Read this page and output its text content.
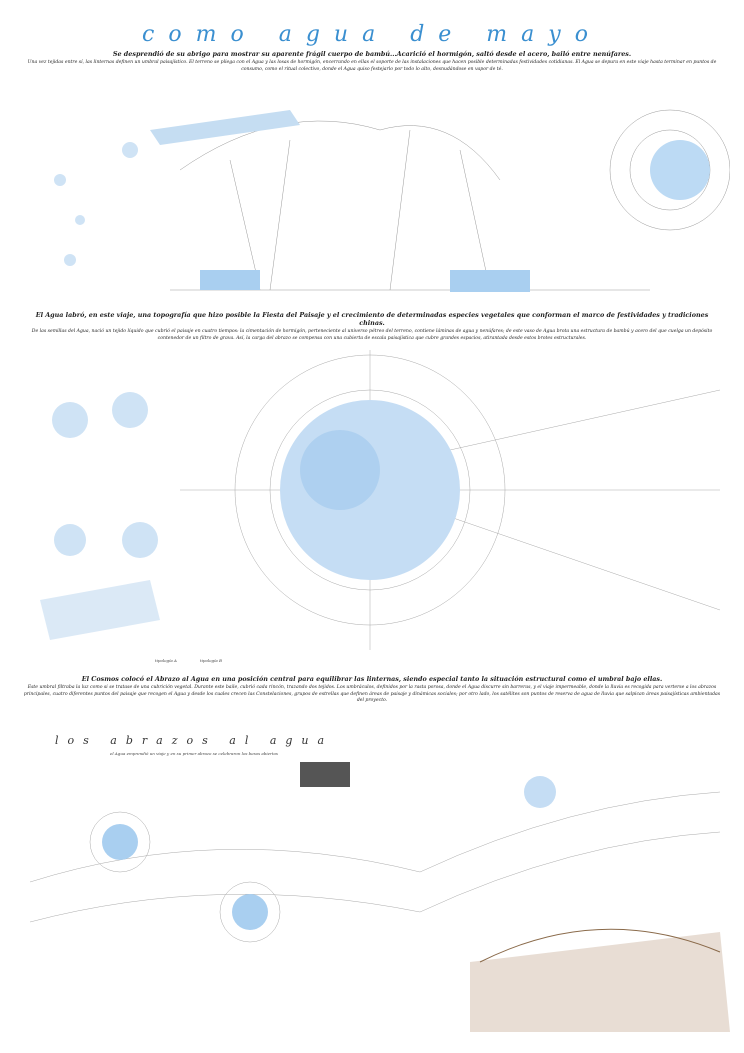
como agua de mayo

Se desprendió de su abrigo para mostrar su aparente frágil cuerpo de bambú...Acarició el hormigón, saltó desde el acero, bailó entre nenúfares.

Una vez tejidas entre sí, las linternas definen un umbral paisajístico. El terreno se pliega con el Agua y las losas de hormigón, encerrando en ellas el soporte de las instalaciones que hacen posible determinadas festividades cotidianas. El Agua se depura en este viaje hasta terminar en puntos de consumo, como el ritual colectivo, donde el Agua quiso festejarlo por todo lo alto, desnudándose en vapor de té.

El Agua labró, en este viaje, una topografía que hizo posible la Fiesta del Paisaje y el crecimiento de determinadas especies vegetales que conforman el marco de festividades y tradiciones chinas.

De las semillas del Agua, nació un tejido líquido que cubrió el paisaje en cuatro tiempos: la cimentación de hormigón, perteneciente al universo pétreo del terreno, contiene láminas de agua y nenúfares; de este vaso de Agua brota una estructura de bambú y acero del que cuelga un depósito contenedor de un filtro de grava. Así, la carga del abrazo se compensa con una cubierta de escala paisajística que cubre grandes espacios, atirantada desde estos brotes estructurales.

tipología A	tipología B

El Cosmos colocó el Abrazo al Agua en una posición central para equilibrar las linternas, siendo especial tanto la situación estructural como el umbral bajo ellas.

Este umbral filtraba la luz como si se tratase de una cubrición vegetal. Durante este baile, cubrió cada rincón, trazando dos tejidos. Los umbráculos, definidos por la rasta porosa, donde el Agua discurre sin barreras, y el viaje impermeable, donde la lluvia es recogida para verterse a los abrazos principales, cuatro diferentes puntos del paisaje que recogen el Agua y desde los cuales crecen las Constelaciones, grupos de estrellas que definen áreas de paisaje y dinámicas sociales; por otro lado, los satélites son puntos de reserva de agua de lluvia que salpican áreas paisajísticas ambientadas del proyecto.

los abrazos al agua
el Agua emprendió un viaje y en su primer abrazo se celebraron los besos abiertos
